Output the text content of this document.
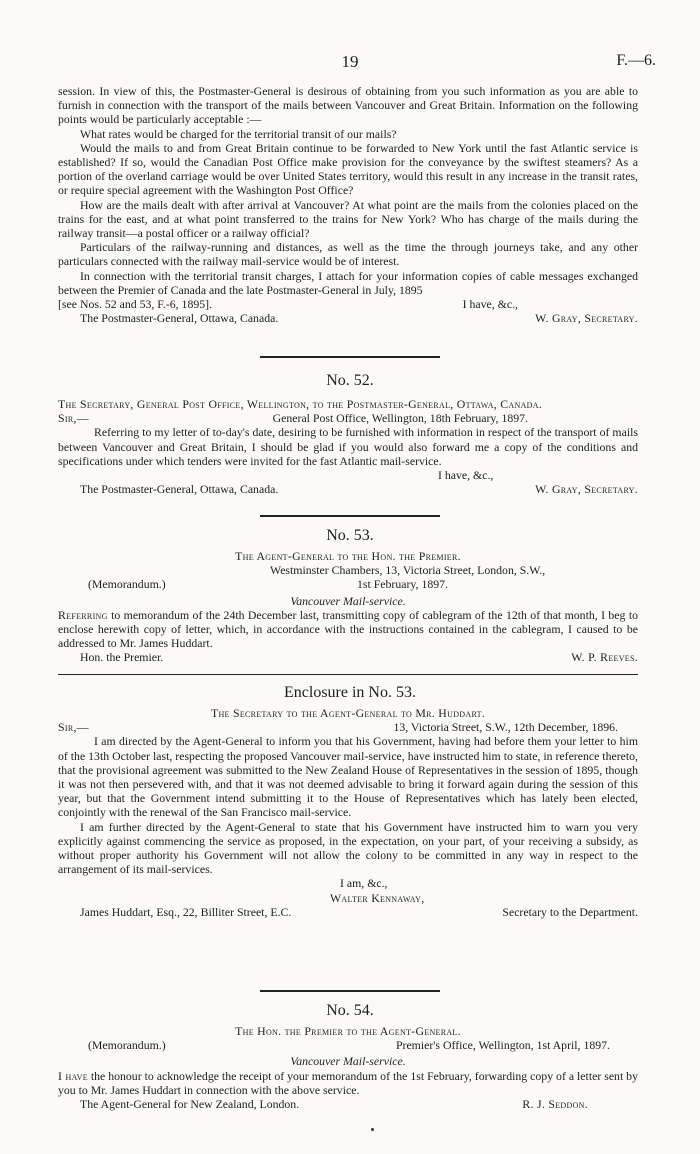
19	F.—6.

session. In view of this, the Postmaster-General is desirous of obtaining from you such information as you are able to furnish in connection with the transport of the mails between Vancouver and Great Britain. Information on the following points would be particularly acceptable :—

What rates would be charged for the territorial transit of our mails?

Would the mails to and from Great Britain continue to be forwarded to New York until the fast Atlantic service is established? If so, would the Canadian Post Office make provision for the conveyance by the swiftest steamers? As a portion of the overland carriage would be over United States territory, would this result in any increase in the transit rates, or require special agreement with the Washington Post Office?

How are the mails dealt with after arrival at Vancouver? At what point are the mails from the colonies placed on the trains for the east, and at what point transferred to the trains for New York? Who has charge of the mails during the railway transit—a postal officer or a railway official?

Particulars of the railway-running and distances, as well as the time the through journeys take, and any other particulars connected with the railway mail-service would be of interest.

In connection with the territorial transit charges, I attach for your information copies of cable messages exchanged between the Premier of Canada and the late Postmaster-General in July, 1895

[see Nos. 52 and 53, F.-6, 1895].	I have, &c.,
The Postmaster-General, Ottawa, Canada.	W. Gray, Secretary.
No. 52.
The Secretary, General Post Office, Wellington, to the Postmaster-General, Ottawa, Canada.
Sir,—	General Post Office, Wellington, 18th February, 1897.

Referring to my letter of to-day's date, desiring to be furnished with information in respect of the transport of mails between Vancouver and Great Britain, I should be glad if you would also forward me a copy of the conditions and specifications under which tenders were invited for the fast Atlantic mail-service.

I have, &c.,
The Postmaster-General, Ottawa, Canada.	W. Gray, Secretary.
No. 53.
The Agent-General to the Hon. the Premier.
Westminster Chambers, 13, Victoria Street, London, S.W.,
(Memorandum.)	1st February, 1897.
Vancouver Mail-service.

Referring to memorandum of the 24th December last, transmitting copy of cablegram of the 12th of that month, I beg to enclose herewith copy of letter, which, in accordance with the instructions contained in the cablegram, I caused to be addressed to Mr. James Huddart.

Hon. the Premier.	W. P. Reeves.
Enclosure in No. 53.
The Secretary to the Agent-General to Mr. Huddart.
Sir,—	13, Victoria Street, S.W., 12th December, 1896.

I am directed by the Agent-General to inform you that his Government, having had before them your letter to him of the 13th October last, respecting the proposed Vancouver mail-service, have instructed him to state, in reference thereto, that the provisional agreement was submitted to the New Zealand House of Representatives in the session of 1895, though it was not then persevered with, and that it was not deemed advisable to bring it forward again during the session of this year, but that the Government intend submitting it to the House of Representatives which has lately been elected, conjointly with the renewal of the San Francisco mail-service.

I am further directed by the Agent-General to state that his Government have instructed him to warn you very explicitly against commencing the service as proposed, in the expectation, on your part, of your receiving a subsidy, as without proper authority his Government will not allow the colony to be committed in any way in respect to the arrangement of its mail-services.

I am, &c.,
Walter Kennaway,
James Huddart, Esq., 22, Billiter Street, E.C.	Secretary to the Department.
No. 54.
The Hon. the Premier to the Agent-General.
(Memorandum.)	Premier's Office, Wellington, 1st April, 1897.
Vancouver Mail-service.

I have the honour to acknowledge the receipt of your memorandum of the 1st February, forwarding copy of a letter sent by you to Mr. James Huddart in connection with the above service.

The Agent-General for New Zealand, London.	R. J. Seddon.
